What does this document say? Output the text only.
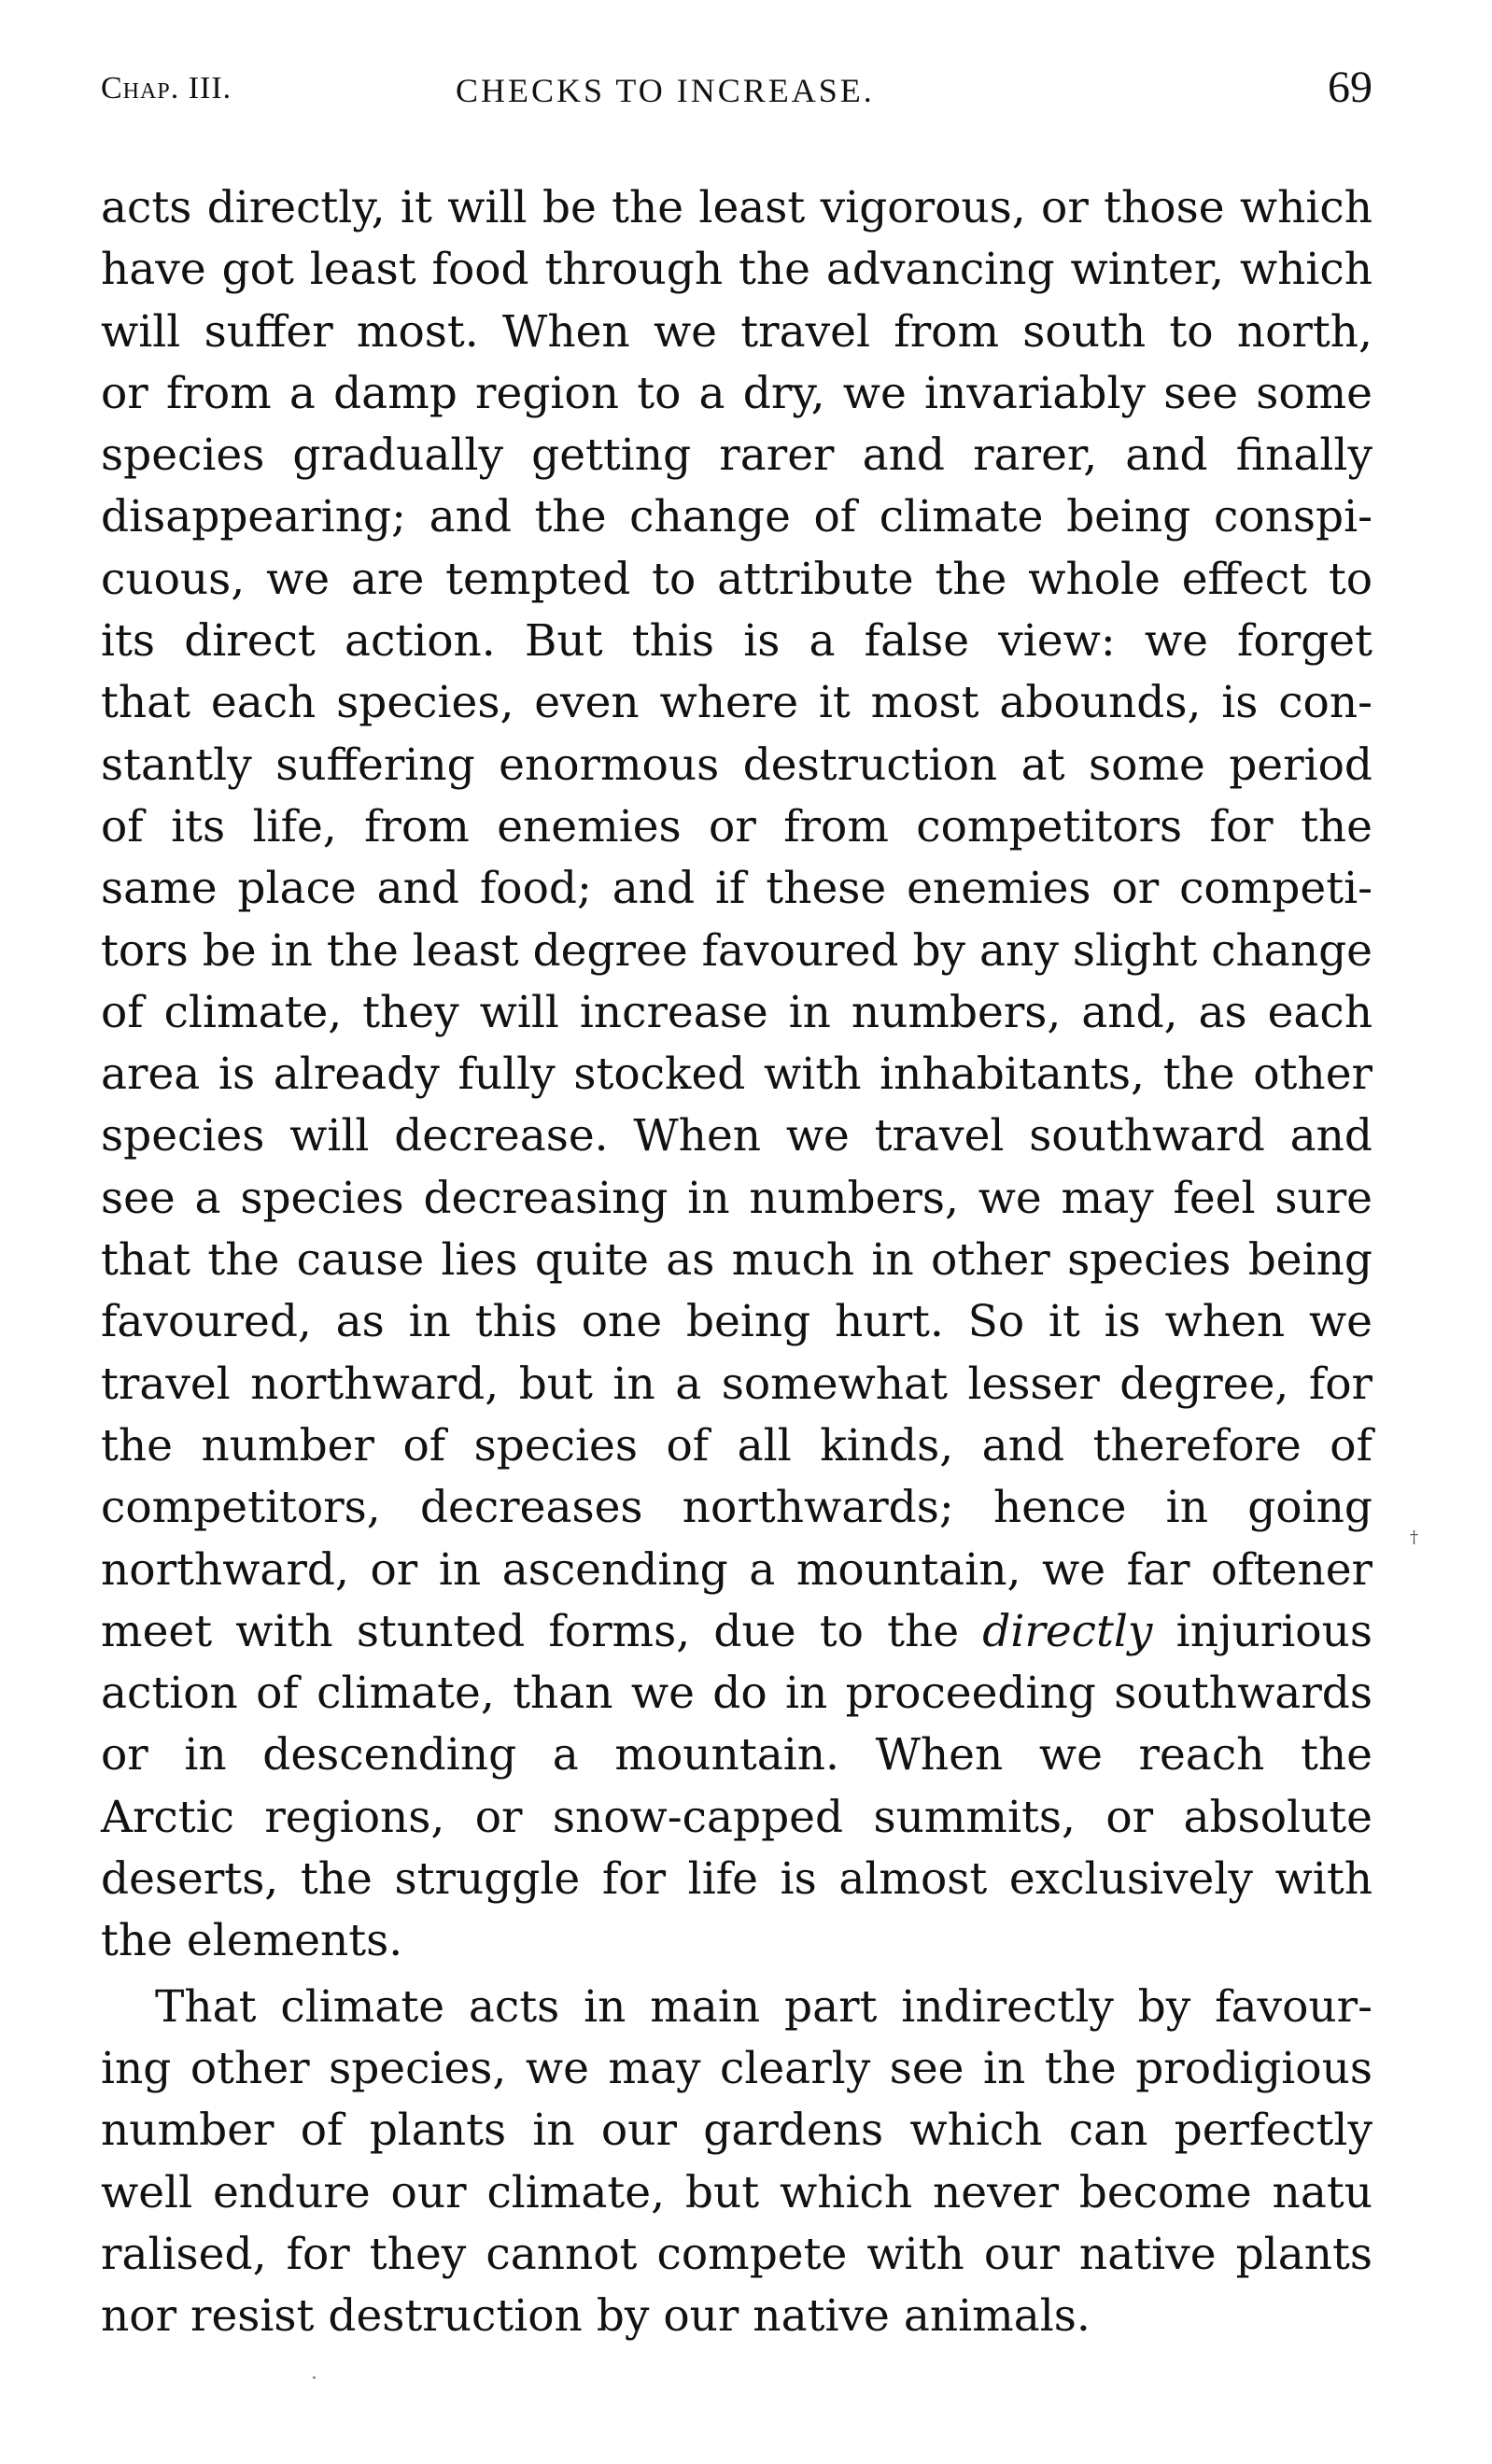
Chap. III.	CHECKS TO INCREASE.	69
acts directly, it will be the least vigorous, or those which
have got least food through the advancing winter, which
will suffer most. When we travel from south to north,
or from a damp region to a dry, we invariably see some
species gradually getting rarer and rarer, and finally
disappearing; and the change of climate being conspi-
cuous, we are tempted to attribute the whole effect to
its direct action. But this is a false view: we forget
that each species, even where it most abounds, is con-
stantly suffering enormous destruction at some period
of its life, from enemies or from competitors for the
same place and food; and if these enemies or competi-
tors be in the least degree favoured by any slight change
of climate, they will increase in numbers, and, as each
area is already fully stocked with inhabitants, the other
species will decrease. When we travel southward and
see a species decreasing in numbers, we may feel sure
that the cause lies quite as much in other species being
favoured, as in this one being hurt. So it is when we
travel northward, but in a somewhat lesser degree, for
the number of species of all kinds, and therefore of
competitors, decreases northwards; hence in going
northward, or in ascending a mountain, we far oftener
meet with stunted forms, due to the directly injurious
action of climate, than we do in proceeding southwards
or in descending a mountain. When we reach the
Arctic regions, or snow-capped summits, or absolute
deserts, the struggle for life is almost exclusively with
the elements.
That climate acts in main part indirectly by favour-
ing other species, we may clearly see in the prodigious
number of plants in our gardens which can perfectly
well endure our climate, but which never become natu
ralised, for they cannot compete with our native plants
nor resist destruction by our native animals.
†
